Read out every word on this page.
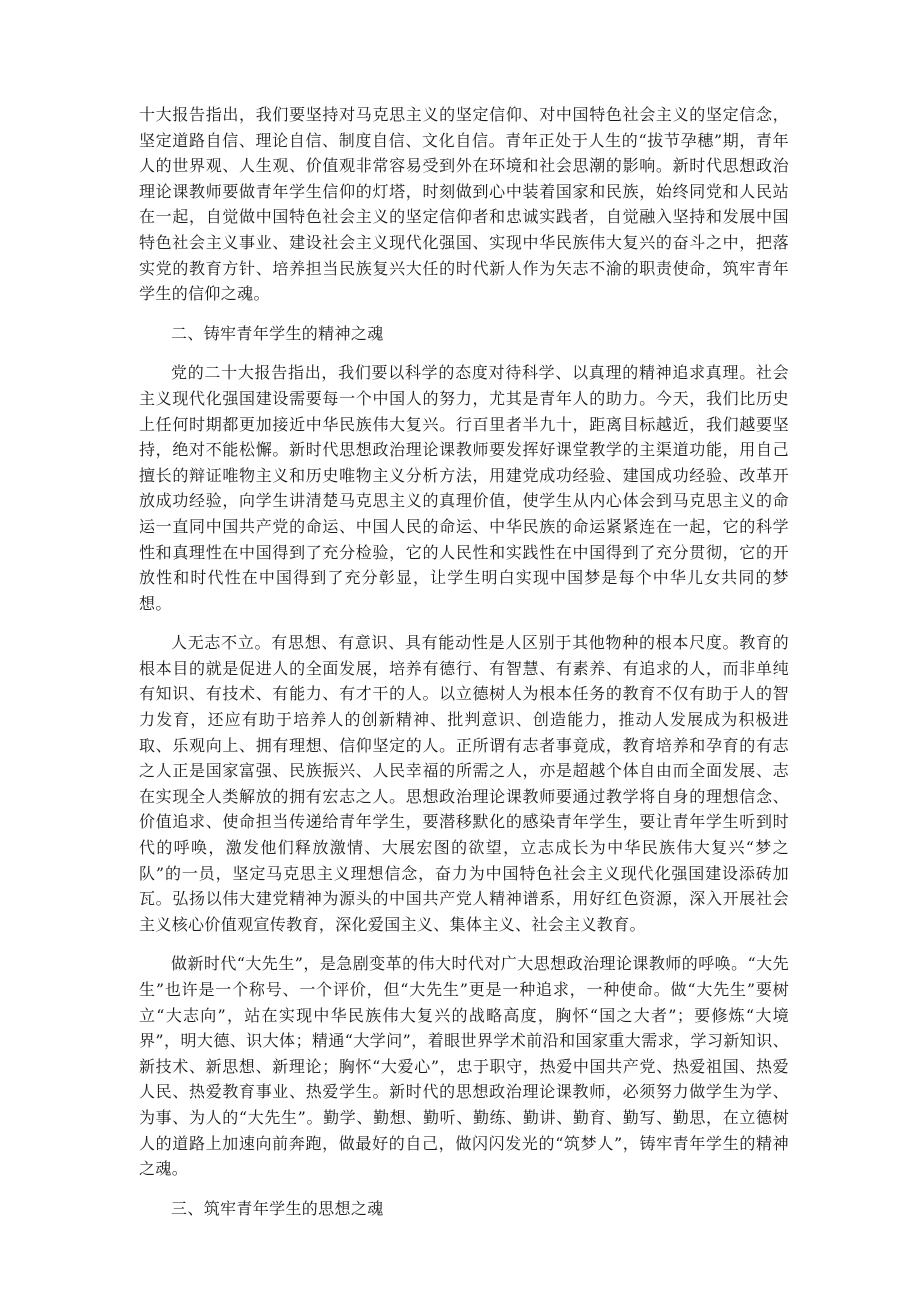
十大报告指出，我们要坚持对马克思主义的坚定信仰、对中国特色社会主义的坚定信念，坚定道路自信、理论自信、制度自信、文化自信。青年正处于人生的“拔节孕穗”期，青年人的世界观、人生观、价值观非常容易受到外在环境和社会思潮的影响。新时代思想政治理论课教师要做青年学生信仰的灯塔，时刻做到心中装着国家和民族，始终同党和人民站在一起，自觉做中国特色社会主义的坚定信仰者和忠诚实践者，自觉融入坚持和发展中国特色社会主义事业、建设社会主义现代化强国、实现中华民族伟大复兴的奋斗之中，把落实党的教育方针、培养担当民族复兴大任的时代新人作为矢志不渝的职责使命，筑牢青年学生的信仰之魂。

二、铸牢青年学生的精神之魂

党的二十大报告指出，我们要以科学的态度对待科学、以真理的精神追求真理。社会主义现代化强国建设需要每一个中国人的努力，尤其是青年人的助力。今天，我们比历史上任何时期都更加接近中华民族伟大复兴。行百里者半九十，距离目标越近，我们越要坚持，绝对不能松懈。新时代思想政治理论课教师要发挥好课堂教学的主渠道功能，用自己擅长的辩证唯物主义和历史唯物主义分析方法，用建党成功经验、建国成功经验、改革开放成功经验，向学生讲清楚马克思主义的真理价值，使学生从内心体会到马克思主义的命运一直同中国共产党的命运、中国人民的命运、中华民族的命运紧紧连在一起，它的科学性和真理性在中国得到了充分检验，它的人民性和实践性在中国得到了充分贯彻，它的开放性和时代性在中国得到了充分彰显，让学生明白实现中国梦是每个中华儿女共同的梦想。

人无志不立。有思想、有意识、具有能动性是人区别于其他物种的根本尺度。教育的根本目的就是促进人的全面发展，培养有德行、有智慧、有素养、有追求的人，而非单纯有知识、有技术、有能力、有才干的人。以立德树人为根本任务的教育不仅有助于人的智力发育，还应有助于培养人的创新精神、批判意识、创造能力，推动人发展成为积极进取、乐观向上、拥有理想、信仰坚定的人。正所谓有志者事竟成，教育培养和孕育的有志之人正是国家富强、民族振兴、人民幸福的所需之人，亦是超越个体自由而全面发展、志在实现全人类解放的拥有宏志之人。思想政治理论课教师要通过教学将自身的理想信念、价值追求、使命担当传递给青年学生，要潜移默化的感染青年学生，要让青年学生听到时代的呼唤，激发他们释放激情、大展宏图的欲望，立志成长为中华民族伟大复兴“梦之队”的一员，坚定马克思主义理想信念，奋力为中国特色社会主义现代化强国建设添砖加瓦。弘扬以伟大建党精神为源头的中国共产党人精神谱系，用好红色资源，深入开展社会主义核心价值观宣传教育，深化爱国主义、集体主义、社会主义教育。

做新时代“大先生”，是急剧变革的伟大时代对广大思想政治理论课教师的呼唤。“大先生”也许是一个称号、一个评价，但“大先生”更是一种追求，一种使命。做“大先生”要树立“大志向”，站在实现中华民族伟大复兴的战略高度，胸怀“国之大者”；要修炼“大境界”，明大德、识大体；精通“大学问”，着眼世界学术前沿和国家重大需求，学习新知识、新技术、新思想、新理论；胸怀“大爱心”，忠于职守，热爱中国共产党、热爱祖国、热爱人民、热爱教育事业、热爱学生。新时代的思想政治理论课教师，必须努力做学生为学、为事、为人的“大先生”。勤学、勤想、勤听、勤练、勤讲、勤育、勤写、勤思，在立德树人的道路上加速向前奔跑，做最好的自己，做闪闪发光的“筑梦人”，铸牢青年学生的精神之魂。

三、筑牢青年学生的思想之魂
